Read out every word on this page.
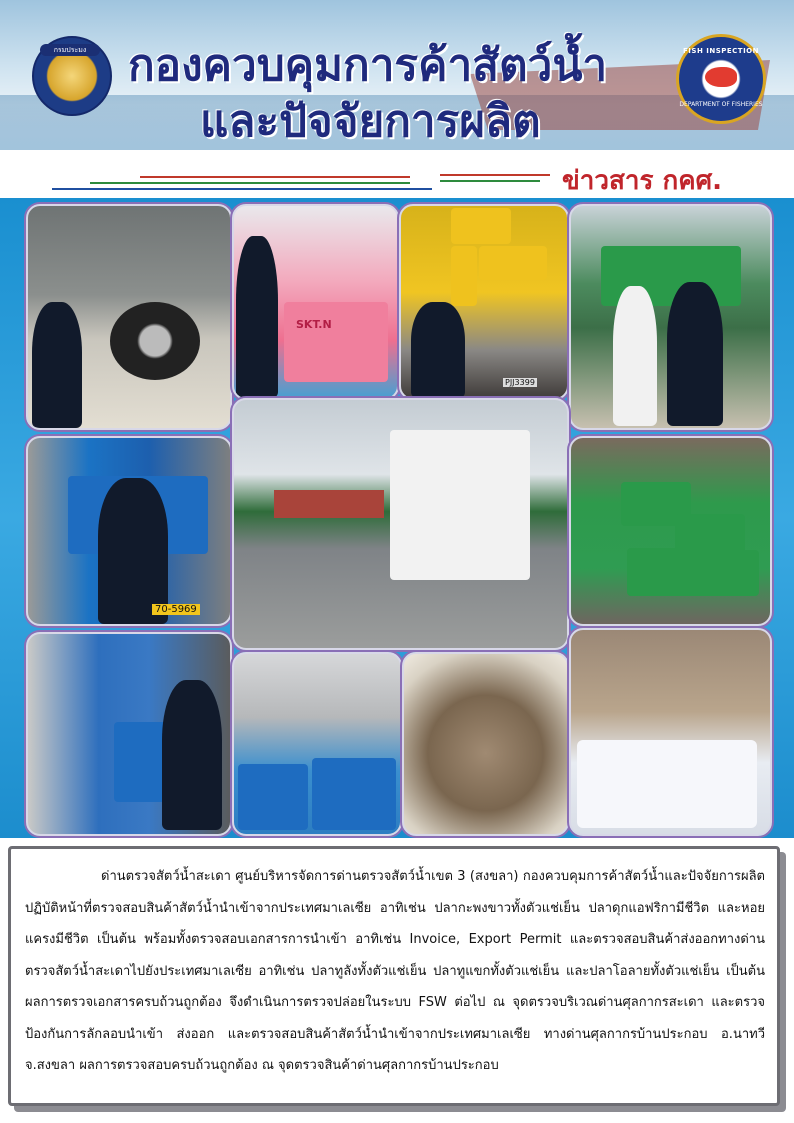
กรมประมง กองควบคุมการค้าสัตว์น้ำ
และปัจจัยการผลิต
FISH INSPECTION
DEPARTMENT OF FISHERIES
ข่าวสาร กคศ.
SKT.N
PJJ3399
70-5969

ด่านตรวจสัตว์น้ำสะเดา ศูนย์บริหารจัดการด่านตรวจสัตว์น้ำเขต 3 (สงขลา) กองควบคุมการค้าสัตว์น้ำและปัจจัยการผลิต ปฏิบัติหน้าที่ตรวจสอบสินค้าสัตว์น้ำนำเข้าจากประเทศมาเลเซีย อาทิเช่น ปลากะพงขาวทั้งตัวแช่เย็น ปลาดุกแอฟริกามีชีวิต และหอยแครงมีชีวิต เป็นต้น พร้อมทั้งตรวจสอบเอกสารการนำเข้า อาทิเช่น Invoice, Export Permit และตรวจสอบสินค้าส่งออกทางด่านตรวจสัตว์น้ำสะเดาไปยังประเทศมาเลเซีย อาทิเช่น ปลาทูลังทั้งตัวแช่เย็น ปลาทูแขกทั้งตัวแช่เย็น และปลาโอลายทั้งตัวแช่เย็น เป็นต้น ผลการตรวจเอกสารครบถ้วนถูกต้อง จึงดำเนินการตรวจปล่อยในระบบ FSW ต่อไป ณ จุดตรวจบริเวณด่านศุลกากรสะเดา และตรวจป้องกันการลักลอบนำเข้า ส่งออก และตรวจสอบสินค้าสัตว์น้ำนำเข้าจากประเทศมาเลเซีย ทางด่านศุลกากรบ้านประกอบ อ.นาทวี จ.สงขลา ผลการตรวจสอบครบถ้วนถูกต้อง ณ จุดตรวจสินค้าด่านศุลกากรบ้านประกอบ
